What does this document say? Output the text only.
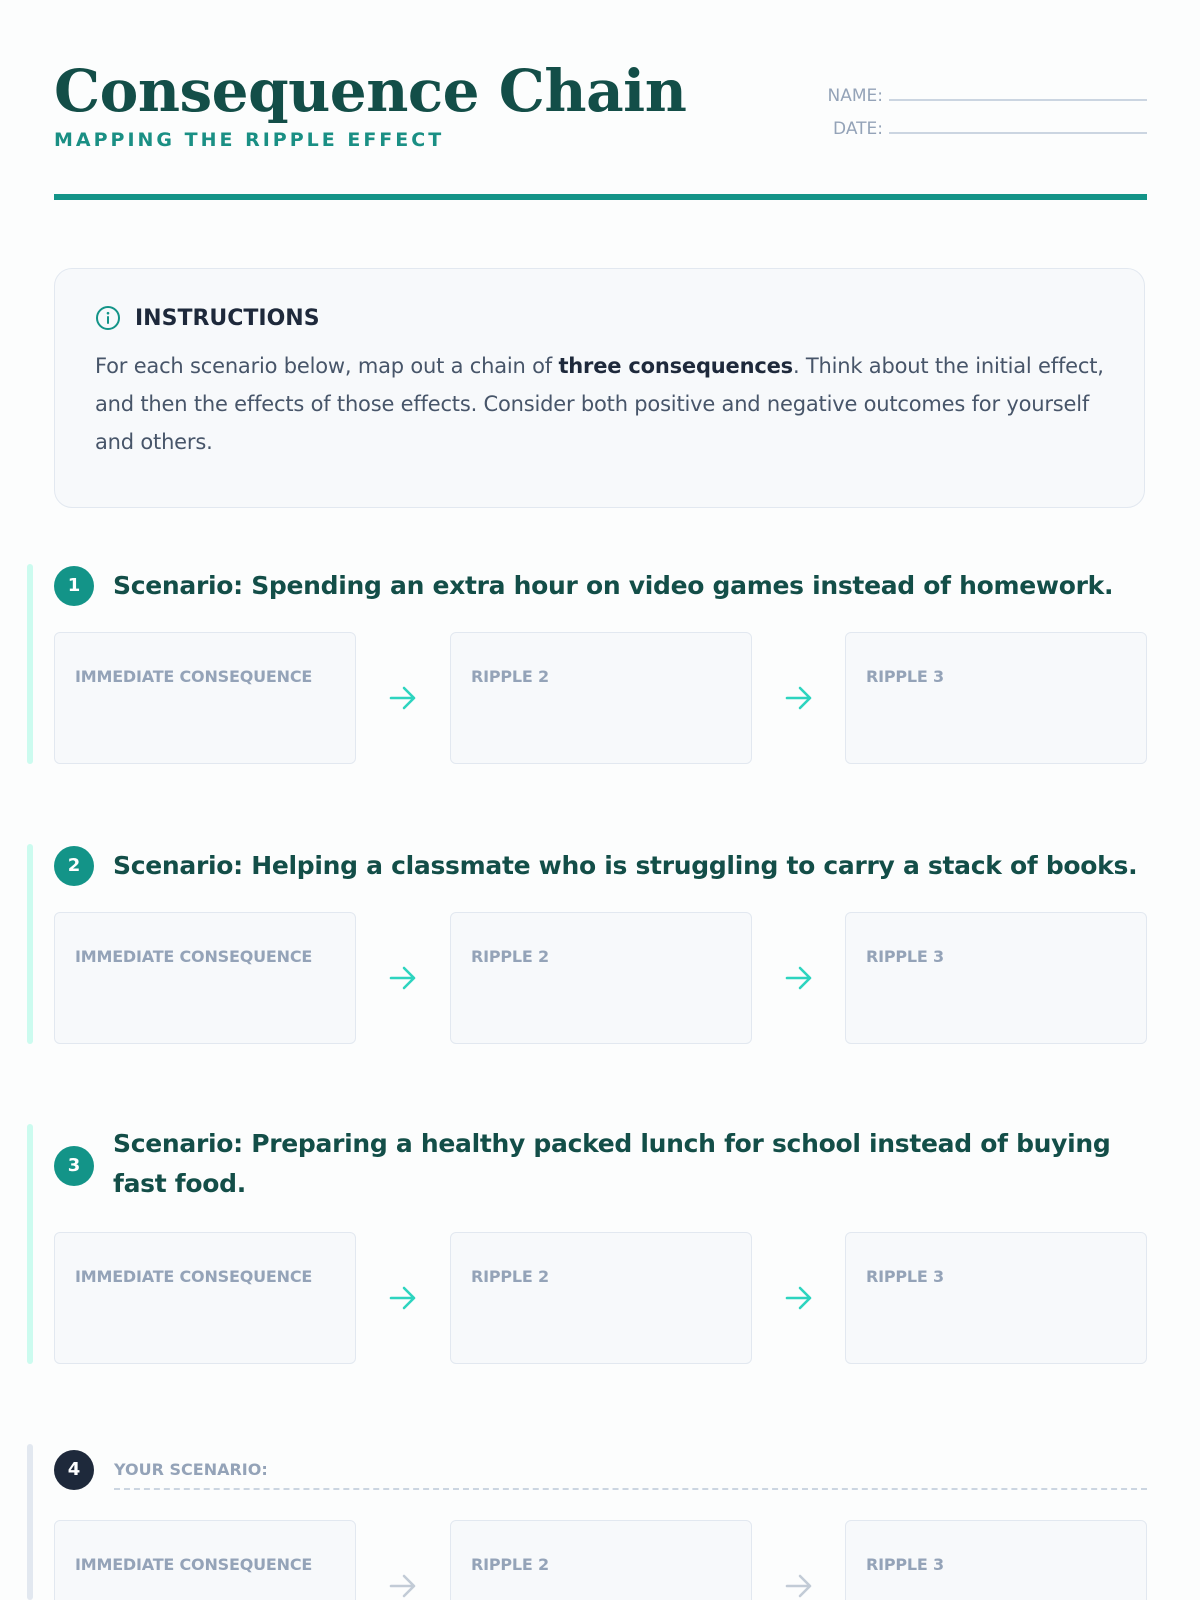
Consequence Chain
MAPPING THE RIPPLE EFFECT
NAME:
DATE:
INSTRUCTIONS

For each scenario below, map out a chain of three consequences. Think about the initial effect, and then the effects of those effects. Consider both positive and negative outcomes for yourself and others.

1	Scenario: Spending an extra hour on video games instead of homework.
IMMEDIATE CONSEQUENCE	RIPPLE 2	RIPPLE 3
2	Scenario: Helping a classmate who is struggling to carry a stack of books.
IMMEDIATE CONSEQUENCE	RIPPLE 2	RIPPLE 3
3
Scenario: Preparing a healthy packed lunch for school instead of buying fast food.
IMMEDIATE CONSEQUENCE	RIPPLE 2	RIPPLE 3
4	YOUR SCENARIO:
IMMEDIATE CONSEQUENCE	RIPPLE 2	RIPPLE 3
